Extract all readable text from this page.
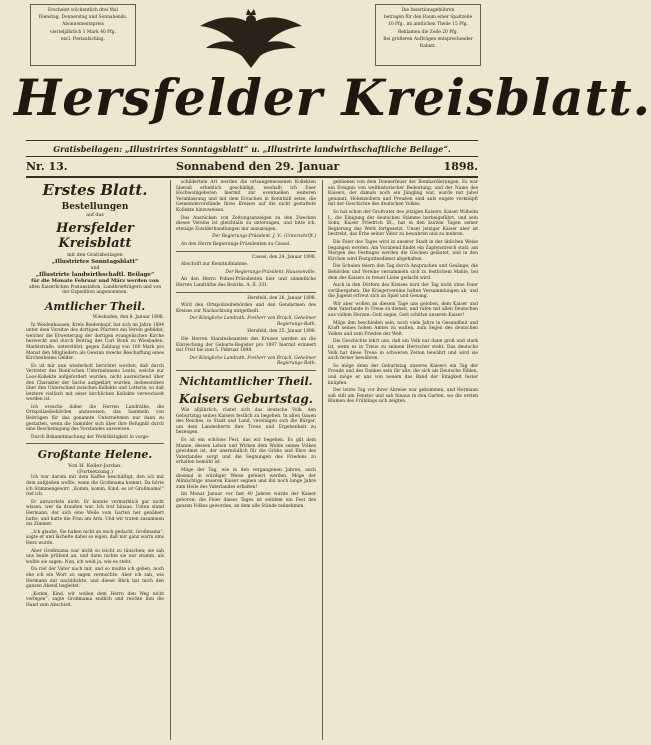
Erscheint wöchentlich drei Mal

Dienstag, Donnerstag und Sonnabends.

Abonnementspreis

vierteljährlich 1 Mark 40 Pfg.

excl. Postaufschlag.

Die Insertionsgebühren

betragen für den Raum einer Spaltzeile

10 Pfg., im amtlichen Theile 15 Pfg.

Reklamen die Zeile 20 Pfg.

Bei größeren Aufträgen entsprechender

Rabatt.

Hersfelder Kreisblatt.
Gratisbeilagen: „Illustrirtes Sonntagsblatt“ u. „Illustrirte landwirthschaftliche Beilage“.
Nr. 13.	Sonnabend den 29. Januar	1898.
Erstes Blatt.
Bestellungen
auf das
Hersfelder Kreisblatt
mit den Gratisbeilagen
„Illustrirtes Sonntagsblatt“
und
„Illustrirte landwirthschaftl. Beilage“
für die Monate Februar und März werden von

allen Kaiserlichen Postanstalten, Landbriefträgern und von der Expedition angenommen.

Amtlicher Theil.

Wiesbaden, den 8. Januar 1898.

In Weidenhausen, Kreis Biedenkopf, hat sich im Jahre 1894 unter dem Vorsitze des dortigen Pfarrers ein Verein gebildet, welcher die Erweiterung der dortigen evangelischen Kirche bezweckt und durch Beitrag des Carl Bonk zu Wiesbaden, Marktstraße, unterstützt, gegen Zahlung von 100 Mark pro Monat den Mitgliedern als Gewinn zwecks Beschaffung eines Kirchenheims Gelder.

Es ist mir nun wiederholt berichtet worden, daß durch Vertreter des Bonk'schen Unternehmens Leute, welche zur Loos-Kollekte aufgefordert wurden, nicht ausreichend über den Charakter der Sache aufgeklärt wurden, insbesondere über den Unterschied zwischen Kollekte und Lotterie, so daß letztere vielfach mit einer kirchlichen Kollekte verwechselt worden ist.

Ich ersuche daher die Herren Landräthe, die Ortspolizeibehörden anzuweisen, das Sammeln von Beiträgen für das genannte Unternehmen nur dann zu gestatten, wenn die Sammler sich über ihre Befugniß durch eine Bescheinigung des Vorstandes ausweisen.

Durch Bekanntmachung der Wohlthätigkeit in vorge-

Großtante Helene.
Von H. Keller-Jordan.
(Fortsetzung.)

Ich war darum mit dem Kaffee beschäftigt, den ich mit dem aufgießen wollte, wenn die Großmama kommt. Da hörte ich Stimmengewirr. „Komm, komm, Kind, es ist Großmama!“ rief ich.

Er antwortete nicht. Er konnte vermuthlich gar nicht wissen, wer da draußen war. Ich trat hinaus. Unten stand Hermann, der sich eine Weile vom Garten her genähert hatte, und hatte die Frau am Arm. Und wir traten zusammen ins Zimmer.

„Ich glaube, Sie haben nicht an mich gedacht, Großmama“, sagte er und lächelte dabei so eigen, daß mir ganz warm ums Herz wurde.

Aber Großmama war nicht so leicht zu täuschen; sie sah uns beide prüfend an, und dann nickte sie nur stumm, als wollte sie sagen: Nun, ich weiß ja, wie es steht.

Da rief der Vater nach mir, und so mußte ich gehen, noch ehe ich ein Wort zu sagen vermochte. Aber ich sah, wie Hermann mir nachblickte, und dieser Blick hat mich den ganzen Abend begleitet.

„Komm, Kind, wir wollen dem Herrn den Weg nicht verlegen“, sagte Großmama endlich und reichte ihm die Hand zum Abschied.

schildertem Art werden die ortsangemessenen Kollekten überall erheblich geschädigt, weshalb ich Euer Hochwohlgeboren hiermit zur eventuellen weiteren Veranlassung und mit dem Ersuchen in Kenntniß setze, die Gemeindevorstände Ihres Kreises auf die nicht gestattete Kollekte hinzuweisen.

Das Ausrücken von Zeitungsanzeigen zu den Zwecken dieses Vereins ist gleichfalls zu untersagen, und bitte ich, etwaige Zuwiderhandlungen mir anzuzeigen.

Der Regierungs-Präsident. J. V.: (Unterschrift.)

An den Herrn Regierungs-Präsidenten zu Cassel.

Cassel, den 24. Januar 1898.

Abschrift zur Kenntnißnahme.

Der Regierungs-Präsident. Haussonville.

An den Herrn Polizei-Präsidenten hier und sämmtliche Herren Landräthe des Bezirks. A. II. 331.

Hersfeld, den 26. Januar 1898.

Wird den Ortspolizeibehörden und den Gendarmen des Kreises zur Nachachtung mitgetheilt.

Der Königliche Landrath. Freiherr von Broich, Geheimer Regierungs-Rath.

Hersfeld, den 25. Januar 1898.

Die Herren Standesbeamten des Kreises werden an die Einreichung der Geburts-Register pro 1897 hiermit erinnert mit Frist bis zum 5. Februar 1898.

Der Königliche Landrath. Freiherr von Broich, Geheimer Regierungs-Rath.

Nichtamtlicher Theil.
Kaisers Geburtstag.

Wie alljährlich, rüstet sich das deutsche Volk, den Geburtstag seines Kaisers festlich zu begehen. In allen Gauen des Reiches, in Stadt und Land, vereinigen sich die Bürger, um dem Landesherrn ihre Treue und Ergebenheit zu bezeugen.

Es ist ein schönes Fest, das wir begehen. Es gilt dem Manne, dessen Leben und Wirken dem Wohle seines Volkes gewidmet ist, der unermüdlich für die Größe und Ehre des Vaterlandes sorgt und die Segnungen des Friedens zu erhalten bemüht ist.

Möge der Tag, wie in den vergangenen Jahren, auch diesmal in würdiger Weise gefeiert werden. Möge der Allmächtige unseren Kaiser segnen und ihn noch lange Jahre zum Heile des Vaterlandes erhalten!

Im Monat Januar vor fast 40 Jahren wurde der Kaiser geboren; die Feier dieses Tages ist seitdem ein Fest des ganzen Volkes geworden, an dem alle Stände teilnehmen.

geblieben von dem Donnerfeuer der Bombardierungen. Es war ein Ereignis von welthistorischer Bedeutung, und der Name des Kaisers, der damals noch ein Jüngling war, wurde mit Jubel genannt. Hohenzollern und Preußen sind aufs engste verknüpft mit der Geschichte des deutschen Volkes.

So hat schon der Großvater des jetzigen Kaisers, Kaiser Wilhelm I., die Einigung der deutschen Stämme herbeigeführt, und sein Sohn, Kaiser Friedrich III., hat in den kurzen Tagen seiner Regierung das Werk fortgesetzt. Unser jetziger Kaiser aber ist bestrebt, das Erbe seiner Väter zu bewahren und zu mehren.

Die Feier des Tages wird in unserer Stadt in der üblichen Weise begangen werden. Am Vorabend findet ein Zapfenstreich statt; am Morgen des Festtages werden die Glocken geläutet, und in den Kirchen wird Festgottesdienst abgehalten.

Die Schulen feiern den Tag durch Ansprachen und Gesänge; die Behörden und Vereine versammeln sich zu festlichem Mahle, bei dem des Kaisers in treuer Liebe gedacht wird.

Auch in den Dörfern des Kreises wird der Tag nicht ohne Feier vorübergehen. Die Kriegervereine halten Versammlungen ab, und die Jugend erfreut sich an Spiel und Gesang.

Wir aber wollen an diesem Tage uns geloben, dem Kaiser und dem Vaterlande in Treue zu dienen, und rufen mit allen Deutschen aus vollem Herzen: Gott segne, Gott schütze unseren Kaiser!

Möge ihm beschieden sein, noch viele Jahre in Gesundheit und Kraft seines hohen Amtes zu walten, zum Segen des deutschen Volkes und zum Frieden der Welt.

Die Geschichte lehrt uns, daß ein Volk nur dann groß und stark ist, wenn es in Treue zu seinem Herrscher steht. Das deutsche Volk hat diese Treue in schweren Zeiten bewährt und wird sie auch ferner bewähren.

So möge denn der Geburtstag unseres Kaisers ein Tag der Freude und des Dankes sein für alle, die sich als Deutsche fühlen, und möge er uns von neuem das Band der Einigkeit fester knüpfen.

Der letzte Tag vor ihrer Abreise war gekommen, und Hermann saß still am Fenster und sah hinaus in den Garten, wo die ersten Blumen des Frühlings sich zeigten.
